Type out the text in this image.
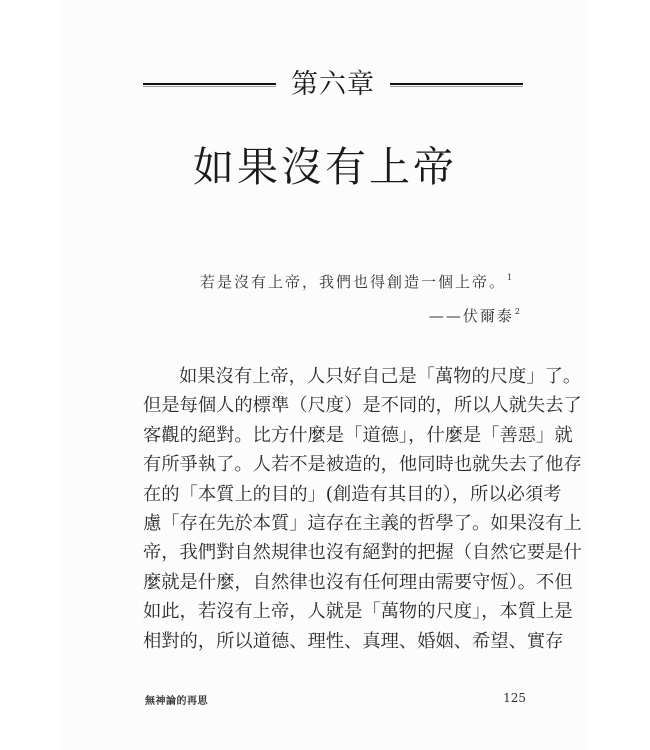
第六章
如果沒有上帝
若是沒有上帝，我們也得創造一個上帝。$^1$
——伏爾泰$^2$
如果沒有上帝，人只好自己是「萬物的尺度」了。
但是每個人的標準（尺度）是不同的，所以人就失去了
客觀的絕對。比方什麼是「道德」，什麼是「善惡」就
有所爭執了。人若不是被造的，他同時也就失去了他存
在的「本質上的目的」(創造有其目的），所以必須考
慮「存在先於本質」這存在主義的哲學了。如果沒有上
帝，我們對自然規律也沒有絕對的把握（自然它要是什
麼就是什麼，自然律也沒有任何理由需要守恆）。不但
如此，若沒有上帝，人就是「萬物的尺度」，本質上是
相對的，所以道德、理性、真理、婚姻、希望、實存
無神論的再思	125
